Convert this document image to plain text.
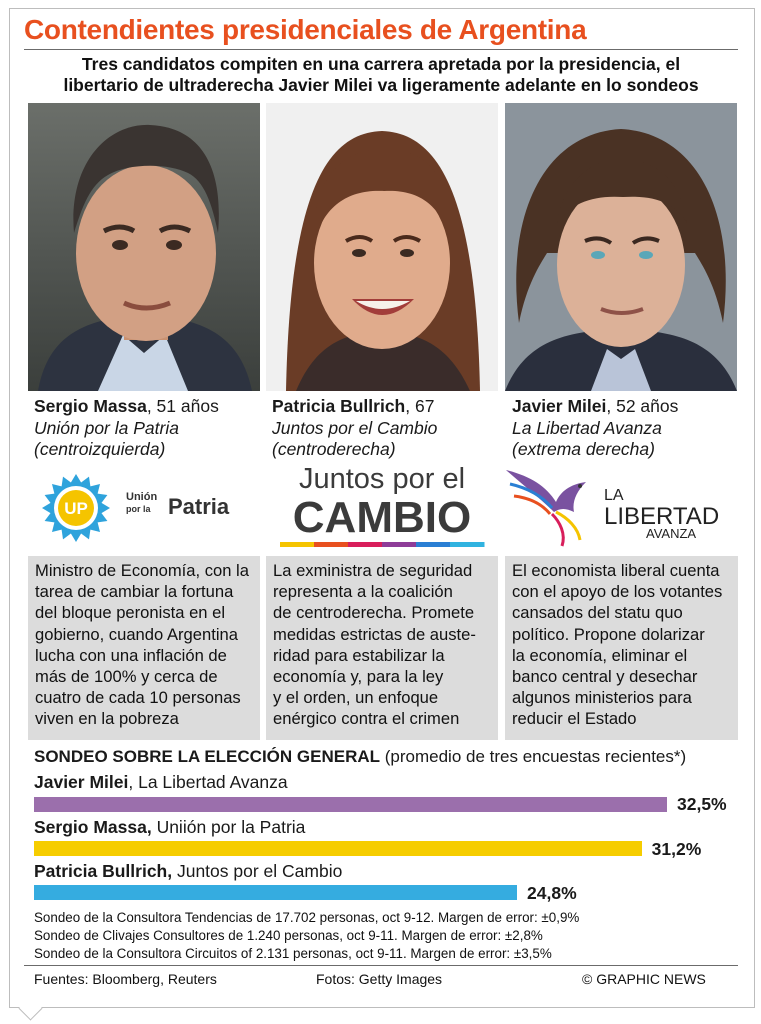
Contendientes presidenciales de Argentina
Tres candidatos compiten en una carrera apretada por la presidencia, el
libertario de ultraderecha Javier Milei va ligeramente adelante en lo sondeos
Sergio Massa, 51 años
Unión por la Patria
(centroizquierda)
Patricia Bullrich, 67
Juntos por el Cambio
(centroderecha)
Javier Milei, 52 años
La Libertad Avanza
(extrema derecha)
UP
Unión
por la Patria
Juntos por el
CAMBIO	LA
LIBERTAD
AVANZA
Ministro de Economía, con la
tarea de cambiar la fortuna
del bloque peronista en el
gobierno, cuando Argentina
lucha con una inflación de
más de 100% y cerca de
cuatro de cada 10 personas
viven en la pobreza
La exministra de seguridad
representa a la coalición
de centroderecha. Promete
medidas estrictas de auste-
ridad para estabilizar la
economía y, para la ley
y el orden, un enfoque
enérgico contra el crimen
El economista liberal cuenta
con el apoyo de los votantes
cansados del statu quo
político. Propone dolarizar
la economía, eliminar el
banco central y desechar
algunos ministerios para
reducir el Estado
SONDEO SOBRE LA ELECCIÓN GENERAL (promedio de tres encuestas recientes*)
Javier Milei, La Libertad Avanza
32,5%
Sergio Massa, Uniión por la Patria
31,2%
Patricia Bullrich, Juntos por el Cambio
24,8%
Sondeo de la Consultora Tendencias de 17.702 personas, oct 9-12. Margen de error: ±0,9%
Sondeo de Clivajes Consultores de 1.240 personas, oct 9-11. Margen de error: ±2,8%
Sondeo de la Consultora Circuitos of 2.131 personas, oct 9-11. Margen de error: ±3,5%
Fuentes: Bloomberg, Reuters	Fotos: Getty Images	© GRAPHIC NEWS
